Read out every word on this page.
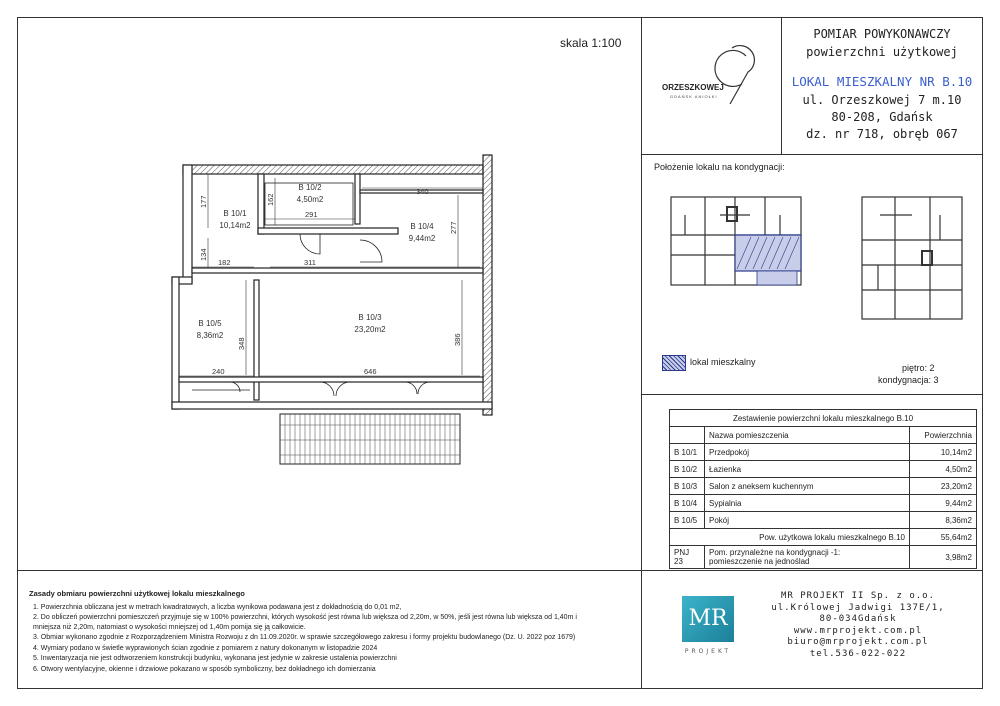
POMIAR POWYKONAWCZY
powierzchni użytkowej
LOKAL MIESZKALNY NR B.10
ul. Orzeszkowej 7 m.10
80-208, Gdańsk
dz. nr 718, obręb 067
ORZESZKOWEJ
GDAŃSK ANIOŁKI
skala 1:100
B 10/1
10,14m2
B 10/2
4,50m2
B 10/3
23,20m2
B 10/4
9,44m2
B 10/5
8,36m2
177	162
291
340
277
134
182	311
348
240	646
386
Położenie lokalu na kondygnacji:
lokal mieszkalny
piętro: 2
kondygnacja: 3
Zestawienie powierzchni lokalu mieszkalnego B.10		
	Nazwa pomieszczenia	Powierzchnia
B 10/1	Przedpokój	10,14m2
B 10/2	Łazienka	4,50m2
B 10/3	Salon z aneksem kuchennym	23,20m2
B 10/4	Sypialnia	9,44m2
B 10/5	Pokój	8,36m2
Pow. użytkowa lokalu mieszkalnego B.10		55,64m2
PNJ 23	Pom. przynależne na kondygnacji -1:
pomieszczenie na jednoślad	3,98m2
Zasady obmiaru powierzchni użytkowej lokalu mieszkalnego

1. Powierzchnia obliczana jest w metrach kwadratowych, a liczba wynikowa podawana jest z dokładnością do 0,01 m2,

2. Do obliczeń powierzchni pomieszczeń przyjmuje się w 100% powierzchni, których wysokość jest równa lub większa od 2,20m, w 50%, jeśli jest równa lub większa od 1,40m i mniejsza niż 2,20m, natomiast o wysokości mniejszej od 1,40m pomija się ją całkowicie.

3. Obmiar wykonano zgodnie z Rozporządzeniem Ministra Rozwoju z dn 11.09.2020r. w sprawie szczegółowego zakresu i formy projektu budowlanego (Dz. U. 2022 poz 1679)

4. Wymiary podano w świetle wyprawionych ścian zgodnie z pomiarem z natury dokonanym w listopadzie 2024

5. Inwentaryzacja nie jest odtworzeniem konstrukcji budynku, wykonana jest jedynie w zakresie ustalenia powierzchni

6. Otwory wentylacyjne, okienne i drzwiowe pokazano w sposób symboliczny, bez dokładnego ich domierzania

MR
PROJEKT
MR PROJEKT II Sp. z o.o.
ul.Królowej Jadwigi 137E/1,
80-034Gdańsk
www.mrprojekt.com.pl
biuro@mrprojekt.com.pl
tel.536-022-022
